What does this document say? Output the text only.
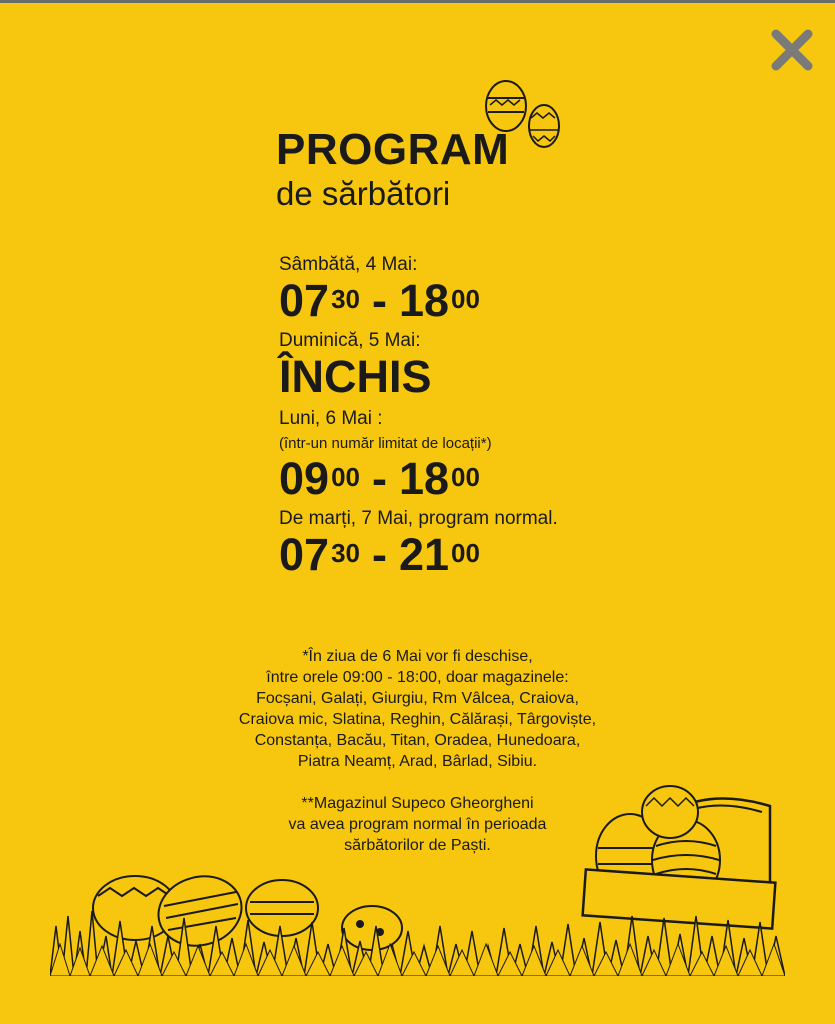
PROGRAM
de sărbători

Sâmbătă, 4 Mai:

$07^{30} - 18^{00}$

Duminică, 5 Mai:

ÎNCHIS

Luni, 6 Mai :

(într-un număr limitat de locații*)
$09^{00} - 18^{00}$

De marți, 7 Mai, program normal.

$07^{30} - 21^{00}$

*În ziua de 6 Mai vor fi deschise,

între orele 09:00 - 18:00, doar magazinele:

Focșani, Galați, Giurgiu, Rm Vâlcea, Craiova,

Craiova mic, Slatina, Reghin, Călărași, Târgoviște,

Constanța, Bacău, Titan, Oradea, Hunedoara,

Piatra Neamț, Arad, Bârlad, Sibiu.

**Magazinul Supeco Gheorgheni

va avea program normal în perioada

sărbătorilor de Paști.
